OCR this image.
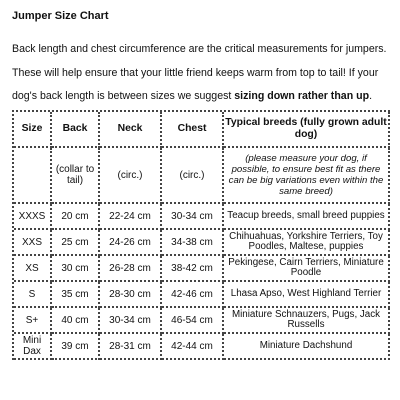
Jumper Size Chart
Back length and chest circumference are the critical measurements for jumpers.
These will help ensure that your little friend keeps warm from top to tail! If your
dog's back length is between sizes we suggest sizing down rather than up.
Size	Back	Neck	Chest	Typical breeds (fully grown adult dog)
	(collar to tail)	(circ.)	(circ.)	(please measure your dog, if possible, to ensure best fit as there can be big variations even within the same breed)
XXXS	20 cm	22-24 cm	30-34 cm	Teacup breeds, small breed puppies
XXS	25 cm	24-26 cm	34-38 cm	Chihuahuas, Yorkshire Terriers, Toy Poodles, Maltese, puppies
XS	30 cm	26-28 cm	38-42 cm	Pekingese, Cairn Terriers, Miniature Poodle
S	35 cm	28-30 cm	42-46 cm	Lhasa Apso, West Highland Terrier
S+	40 cm	30-34 cm	46-54 cm	Miniature Schnauzers, Pugs, Jack Russells
Mini Dax	39 cm	28-31 cm	42-44 cm	Miniature Dachshund
